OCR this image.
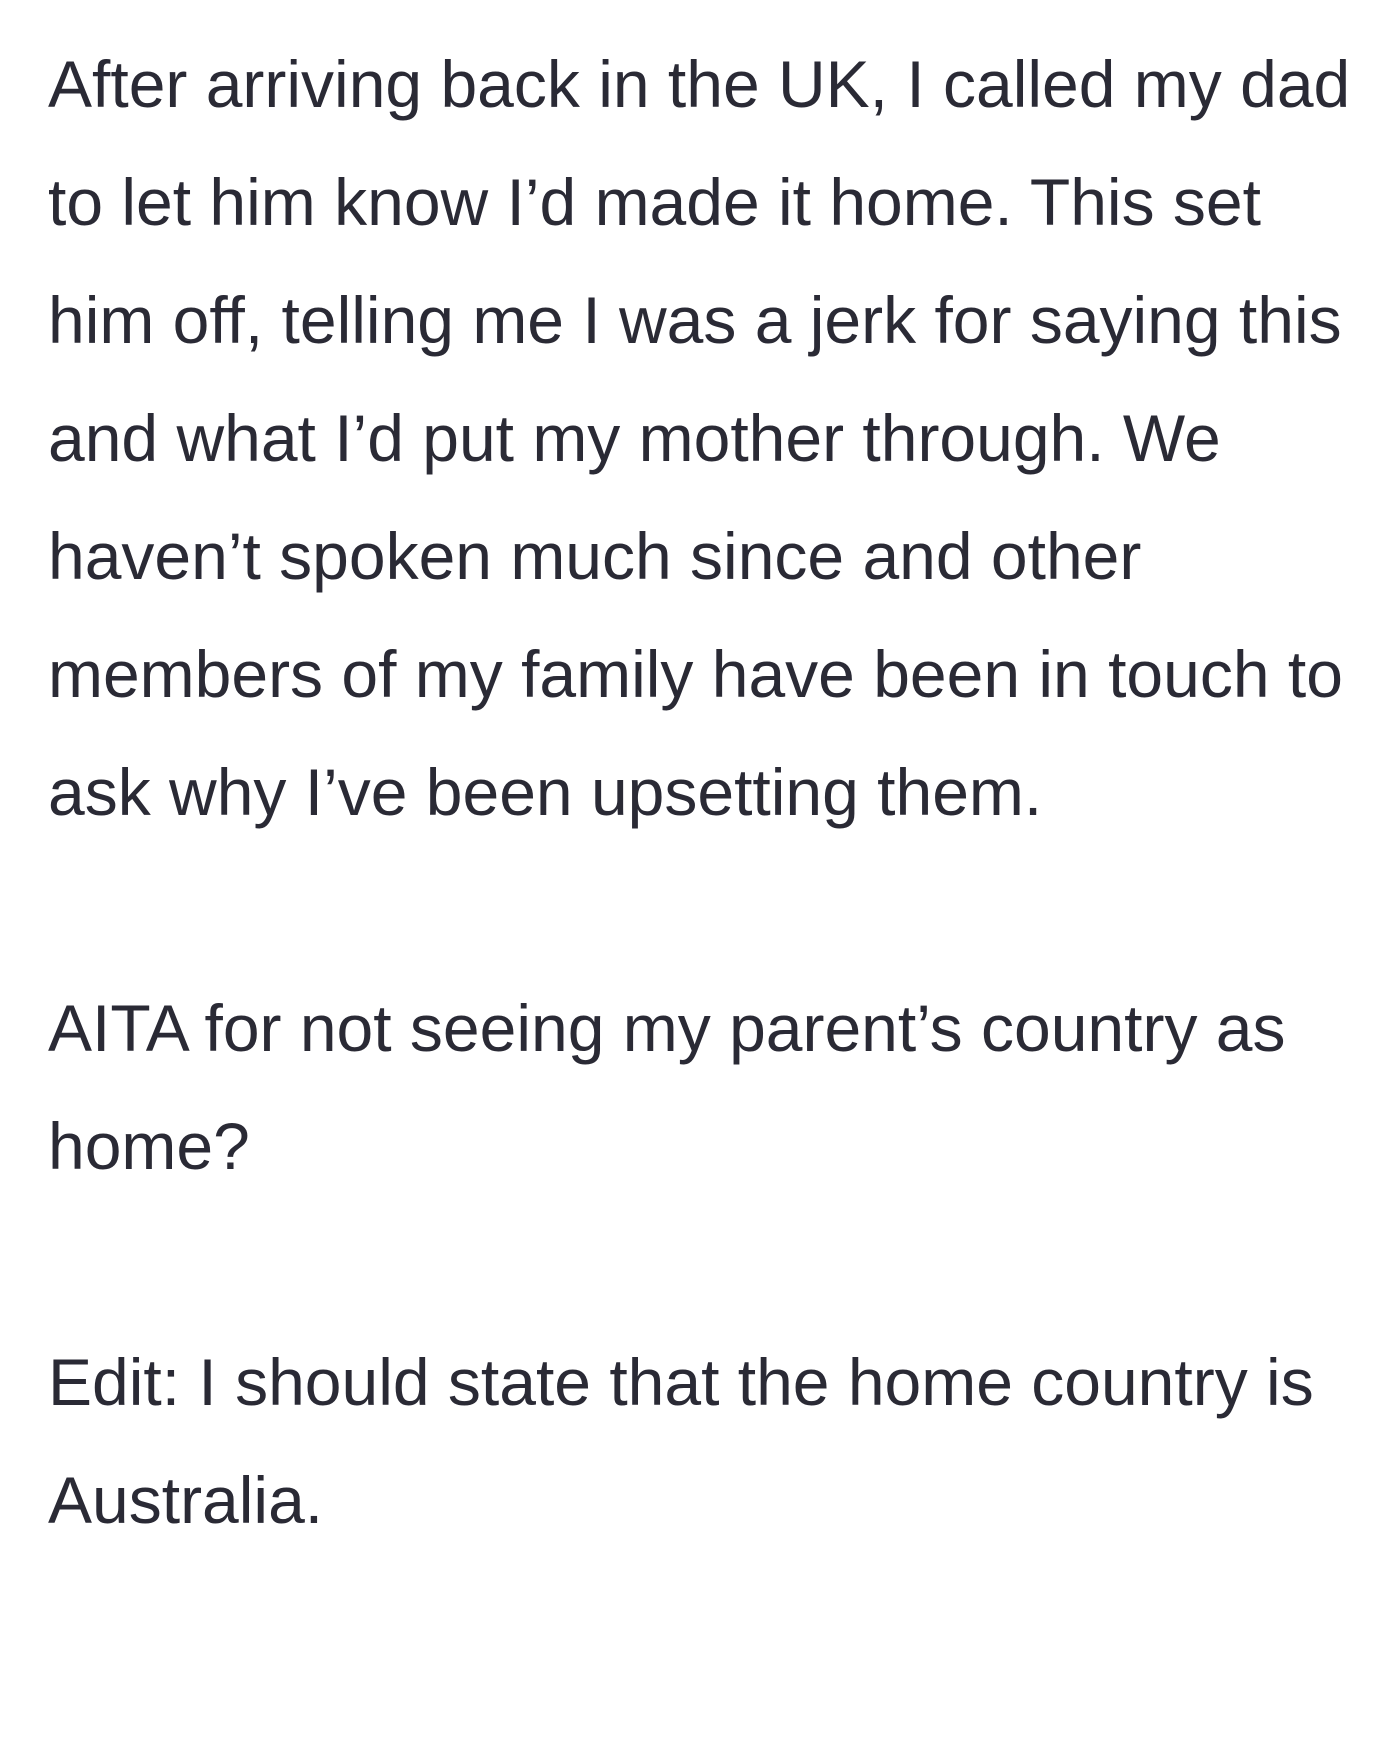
After arriving back in the UK, I called my dad to let him know I’d made it home. This set him off, telling me I was a jerk for saying this and what I’d put my mother through. We haven’t spoken much since and other members of my family have been in touch to ask why I’ve been upsetting them.

AITA for not seeing my parent’s country as home?

Edit: I should state that the home country is Australia.
